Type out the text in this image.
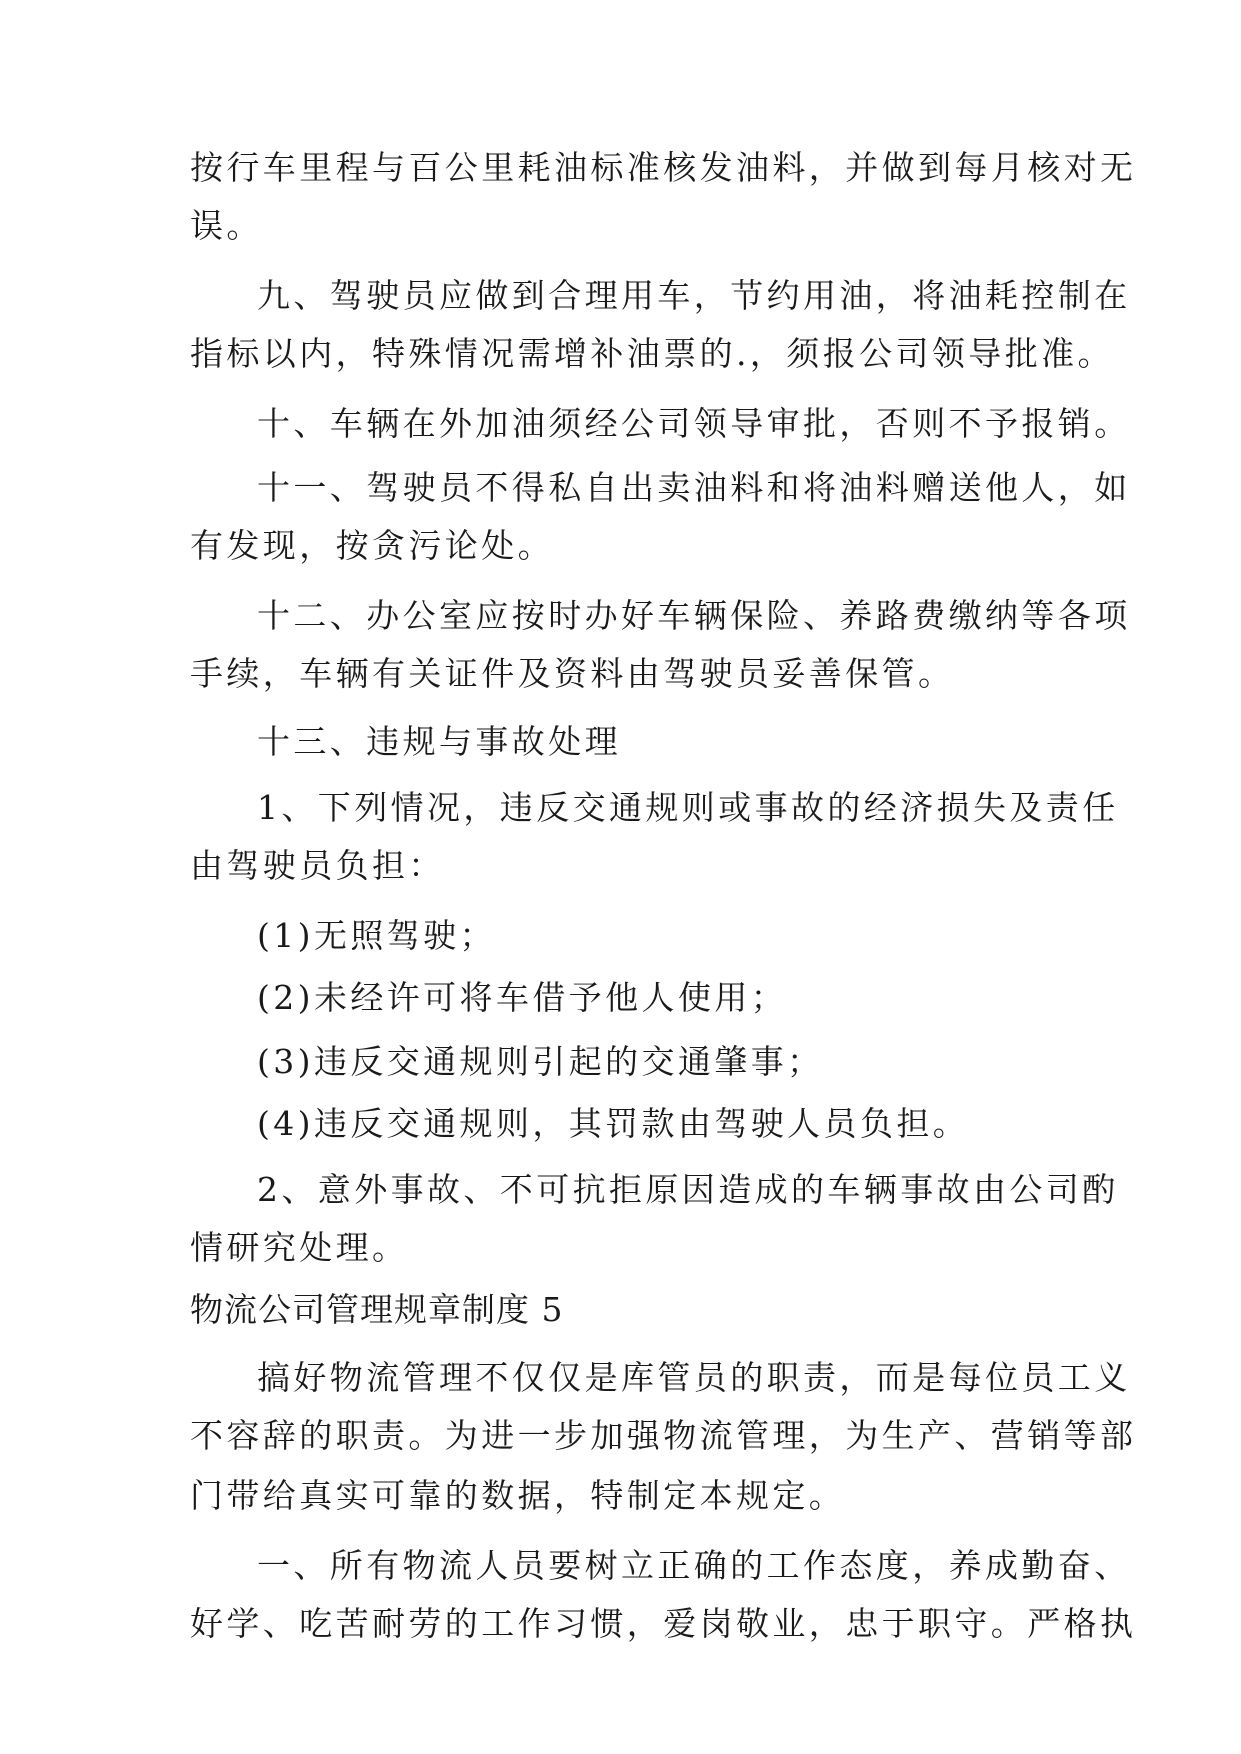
按行车里程与百公里耗油标准核发油料，并做到每月核对无

误。

九、驾驶员应做到合理用车，节约用油，将油耗控制在

指标以内，特殊情况需增补油票的.，须报公司领导批准。

十、车辆在外加油须经公司领导审批，否则不予报销。

十一、驾驶员不得私自出卖油料和将油料赠送他人，如

有发现，按贪污论处。

十二、办公室应按时办好车辆保险、养路费缴纳等各项

手续，车辆有关证件及资料由驾驶员妥善保管。

十三、违规与事故处理

1、下列情况，违反交通规则或事故的经济损失及责任

由驾驶员负担：

(1)无照驾驶；

(2)未经许可将车借予他人使用；

(3)违反交通规则引起的交通肇事；

(4)违反交通规则，其罚款由驾驶人员负担。

2、意外事故、不可抗拒原因造成的车辆事故由公司酌

情研究处理。

物流公司管理规章制度 5

搞好物流管理不仅仅是库管员的职责，而是每位员工义

不容辞的职责。为进一步加强物流管理，为生产、营销等部

门带给真实可靠的数据，特制定本规定。

一、所有物流人员要树立正确的工作态度，养成勤奋、

好学、吃苦耐劳的工作习惯，爱岗敬业，忠于职守。严格执
